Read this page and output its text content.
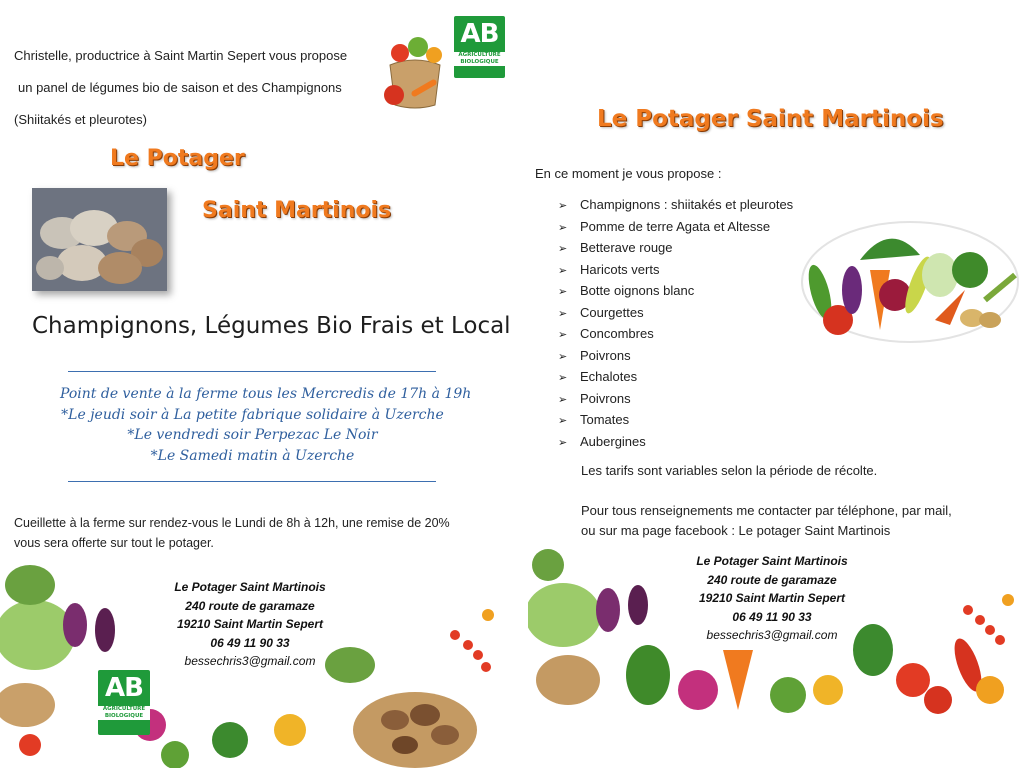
Christelle, productrice à Saint Martin Sepert vous propose
un panel de légumes bio de saison et des Champignons
(Shiitakés et pleurotes)
AB
AGRICULTURE
BIOLOGIQUE
Le Potager
Saint Martinois
Champignons, Légumes Bio Frais et Local
Point de vente à la ferme tous les Mercredis de 17h à 19h
*Le jeudi soir à La petite fabrique solidaire à Uzerche
*Le vendredi soir Perpezac Le Noir
*Le Samedi matin à Uzerche
Cueillette à la ferme sur rendez-vous le Lundi de 8h à 12h, une remise de 20%
vous sera offerte sur tout le potager.
AB
AGRICULTURE
BIOLOGIQUE
Le Potager Saint Martinois
240 route de garamaze
19210 Saint Martin Sepert
06 49 11 90 33
bessechris3@gmail.com
Le Potager Saint Martinois
En ce moment je vous propose :
➢ Champignons : shiitakés et pleurotes
➢ Pomme de terre Agata et Altesse
➢ Betterave rouge
➢ Haricots verts
➢ Botte oignons blanc
➢ Courgettes
➢ Concombres
➢ Poivrons
➢ Echalotes
➢ Poivrons
➢ Tomates
➢ Aubergines
Les tarifs sont variables selon la période de récolte.
Pour tous renseignements me contacter par téléphone, par mail,
ou sur ma page facebook : Le potager Saint Martinois
Le Potager Saint Martinois
240 route de garamaze
19210 Saint Martin Sepert
06 49 11 90 33
bessechris3@gmail.com
